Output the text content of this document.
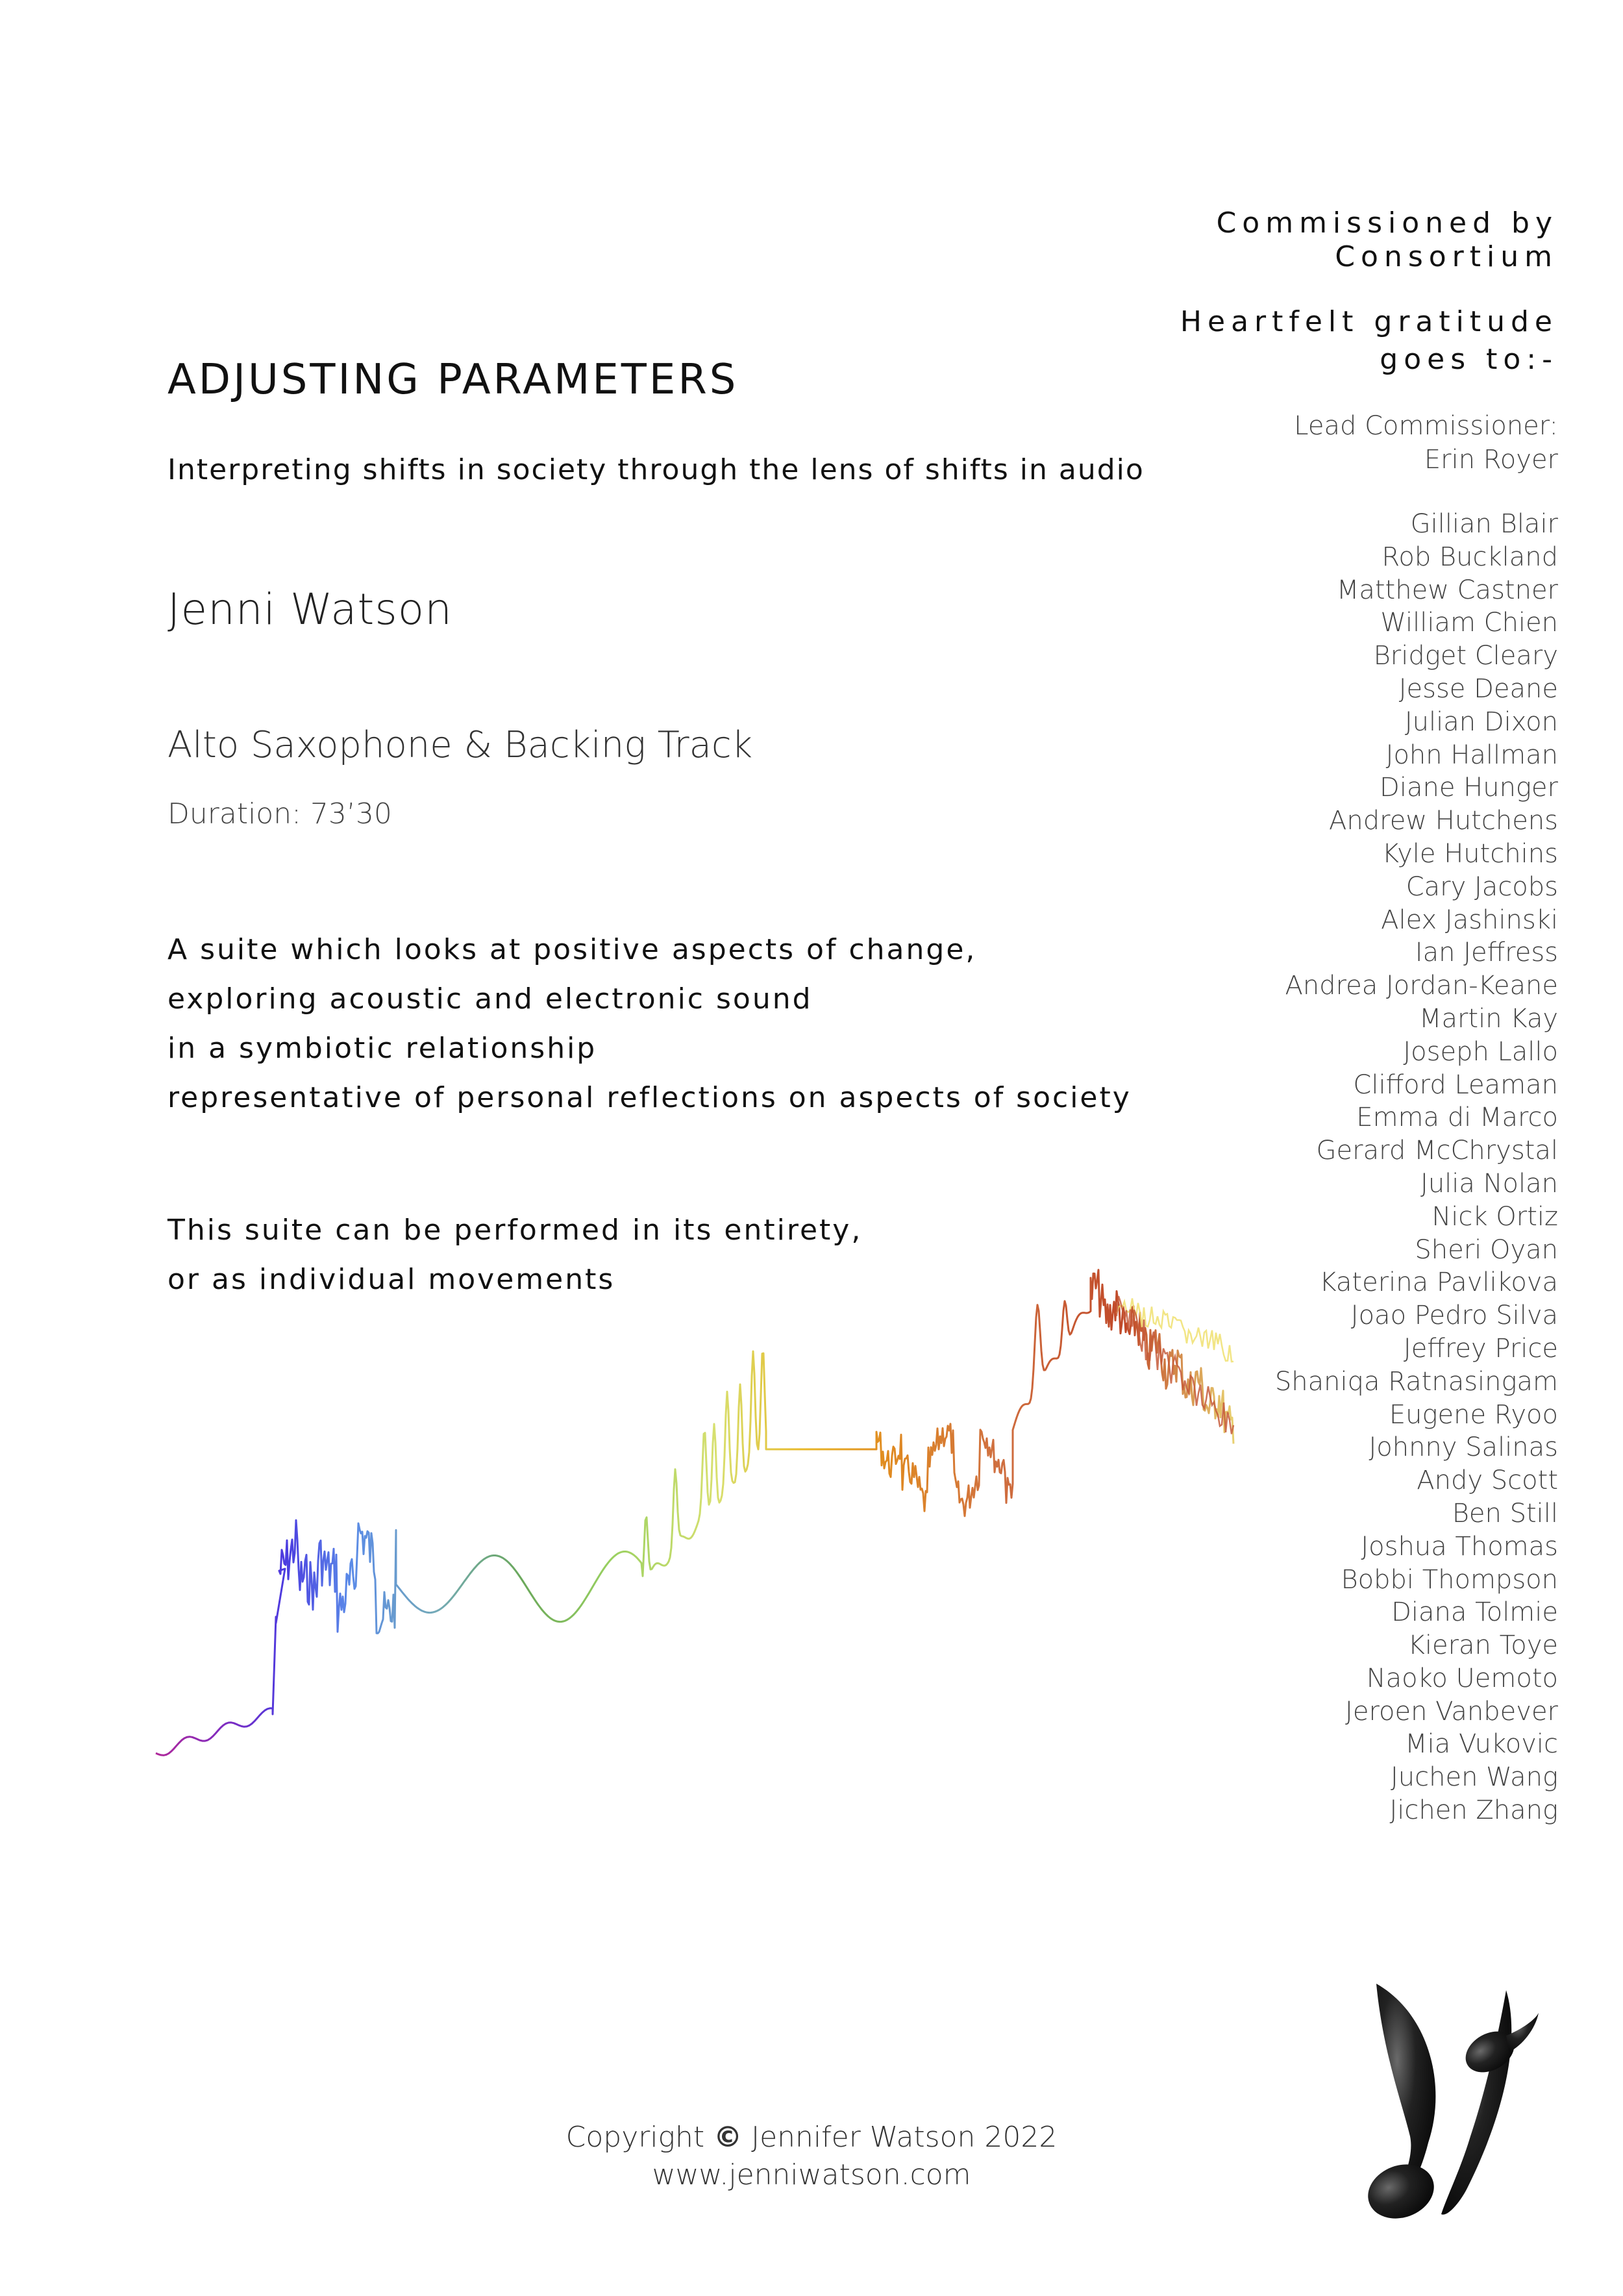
ADJUSTING PARAMETERS
Interpreting shifts in society through the lens of shifts in audio
Jenni Watson
Alto Saxophone & Backing Track
Duration: 73’30
A suite which looks at positive aspects of change,
exploring acoustic and electronic sound
in a symbiotic relationship
representative of personal reflections on aspects of society
This suite can be performed in its entirety,
or as individual movements
Commissioned by
Consortium
Heartfelt gratitude
goes to:-
Lead Commissioner:
Erin Royer
Gillian Blair
Rob Buckland
Matthew Castner
William Chien
Bridget Cleary
Jesse Deane
Julian Dixon
John Hallman
Diane Hunger
Andrew Hutchens
Kyle Hutchins
Cary Jacobs
Alex Jashinski
Ian Jeffress
Andrea Jordan-Keane
Martin Kay
Joseph Lallo
Clifford Leaman
Emma di Marco
Gerard McChrystal
Julia Nolan
Nick Ortiz
Sheri Oyan
Katerina Pavlikova
Joao Pedro Silva
Jeffrey Price
Shaniqa Ratnasingam
Eugene Ryoo
Johnny Salinas
Andy Scott
Ben Still
Joshua Thomas
Bobbi Thompson
Diana Tolmie
Kieran Toye
Naoko Uemoto
Jeroen Vanbever
Mia Vukovic
Juchen Wang
Jichen Zhang
Copyright © Jennifer Watson 2022
www.jenniwatson.com
